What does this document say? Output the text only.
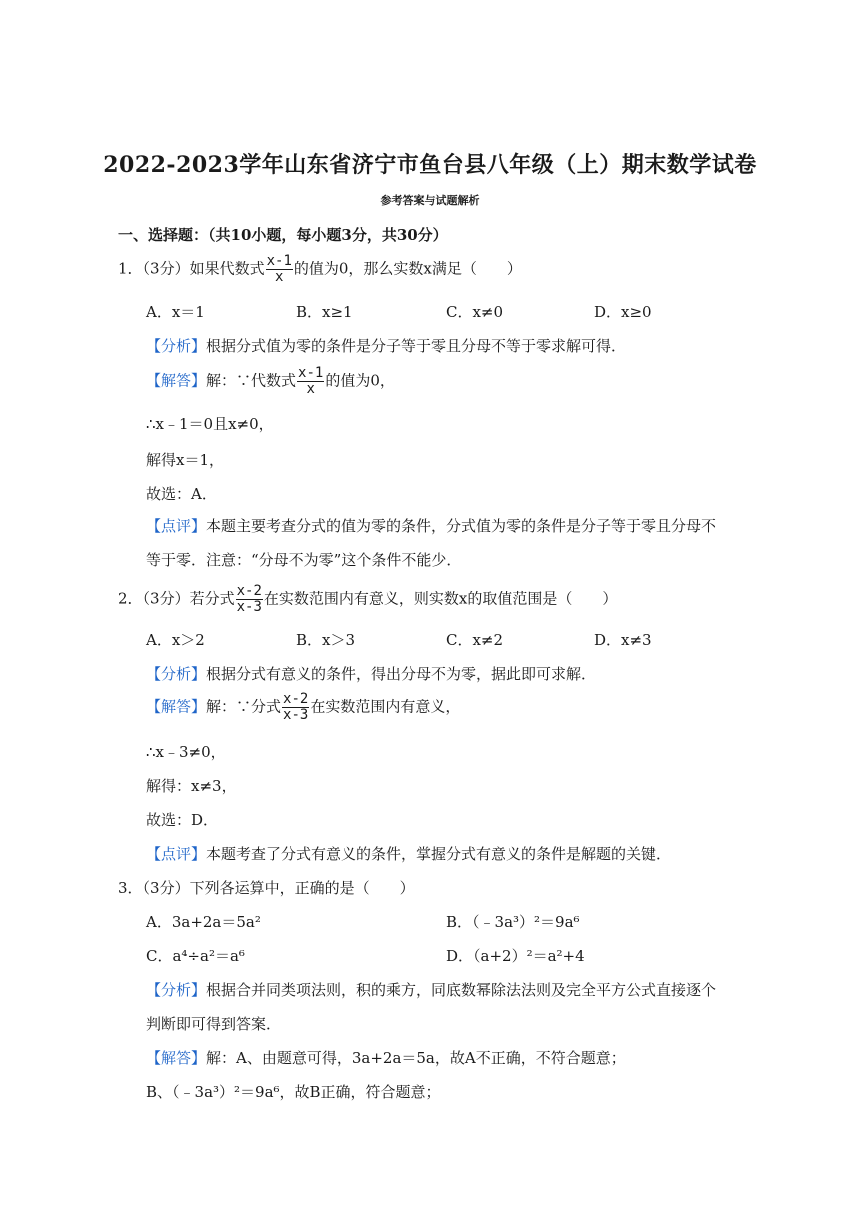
2022-2023学年山东省济宁市鱼台县八年级（上）期末数学试卷
参考答案与试题解析
一、选择题：（共10小题，每小题3分，共30分）
1．（3分）如果代数式 $\frac{x-1}{x}$ 的值为0，那么实数x满足（　　）
A．x＝1	B．x≥1	C．x≠0	D．x≥0
【分析】根据分式值为零的条件是分子等于零且分母不等于零求解可得．
【解答】解：∵代数式 $\frac{x-1}{x}$ 的值为0，
∴x﹣1＝0且x≠0，
解得x＝1，
故选：A．
【点评】本题主要考查分式的值为零的条件，分式值为零的条件是分子等于零且分母不
等于零．注意：“分母不为零”这个条件不能少．
2．（3分）若分式 $\frac{x-2}{x-3}$ 在实数范围内有意义，则实数x的取值范围是（　　）
A．x＞2	B．x＞3	C．x≠2	D．x≠3
【分析】根据分式有意义的条件，得出分母不为零，据此即可求解．
【解答】解：∵分式 $\frac{x-2}{x-3}$ 在实数范围内有意义，
∴x﹣3≠0，
解得：x≠3，
故选：D．
【点评】本题考查了分式有意义的条件，掌握分式有意义的条件是解题的关键．
3．（3分）下列各运算中，正确的是（　　）
A．3a+2a＝5a²	B．（﹣3a³）²＝9a⁶
C．a⁴÷a²＝a⁶	D．（a+2）²＝a²+4
【分析】根据合并同类项法则，积的乘方，同底数幂除法法则及完全平方公式直接逐个
判断即可得到答案．
【解答】解：A、由题意可得，3a+2a＝5a，故A不正确，不符合题意；
B、（﹣3a³）²＝9a⁶，故B正确，符合题意；
